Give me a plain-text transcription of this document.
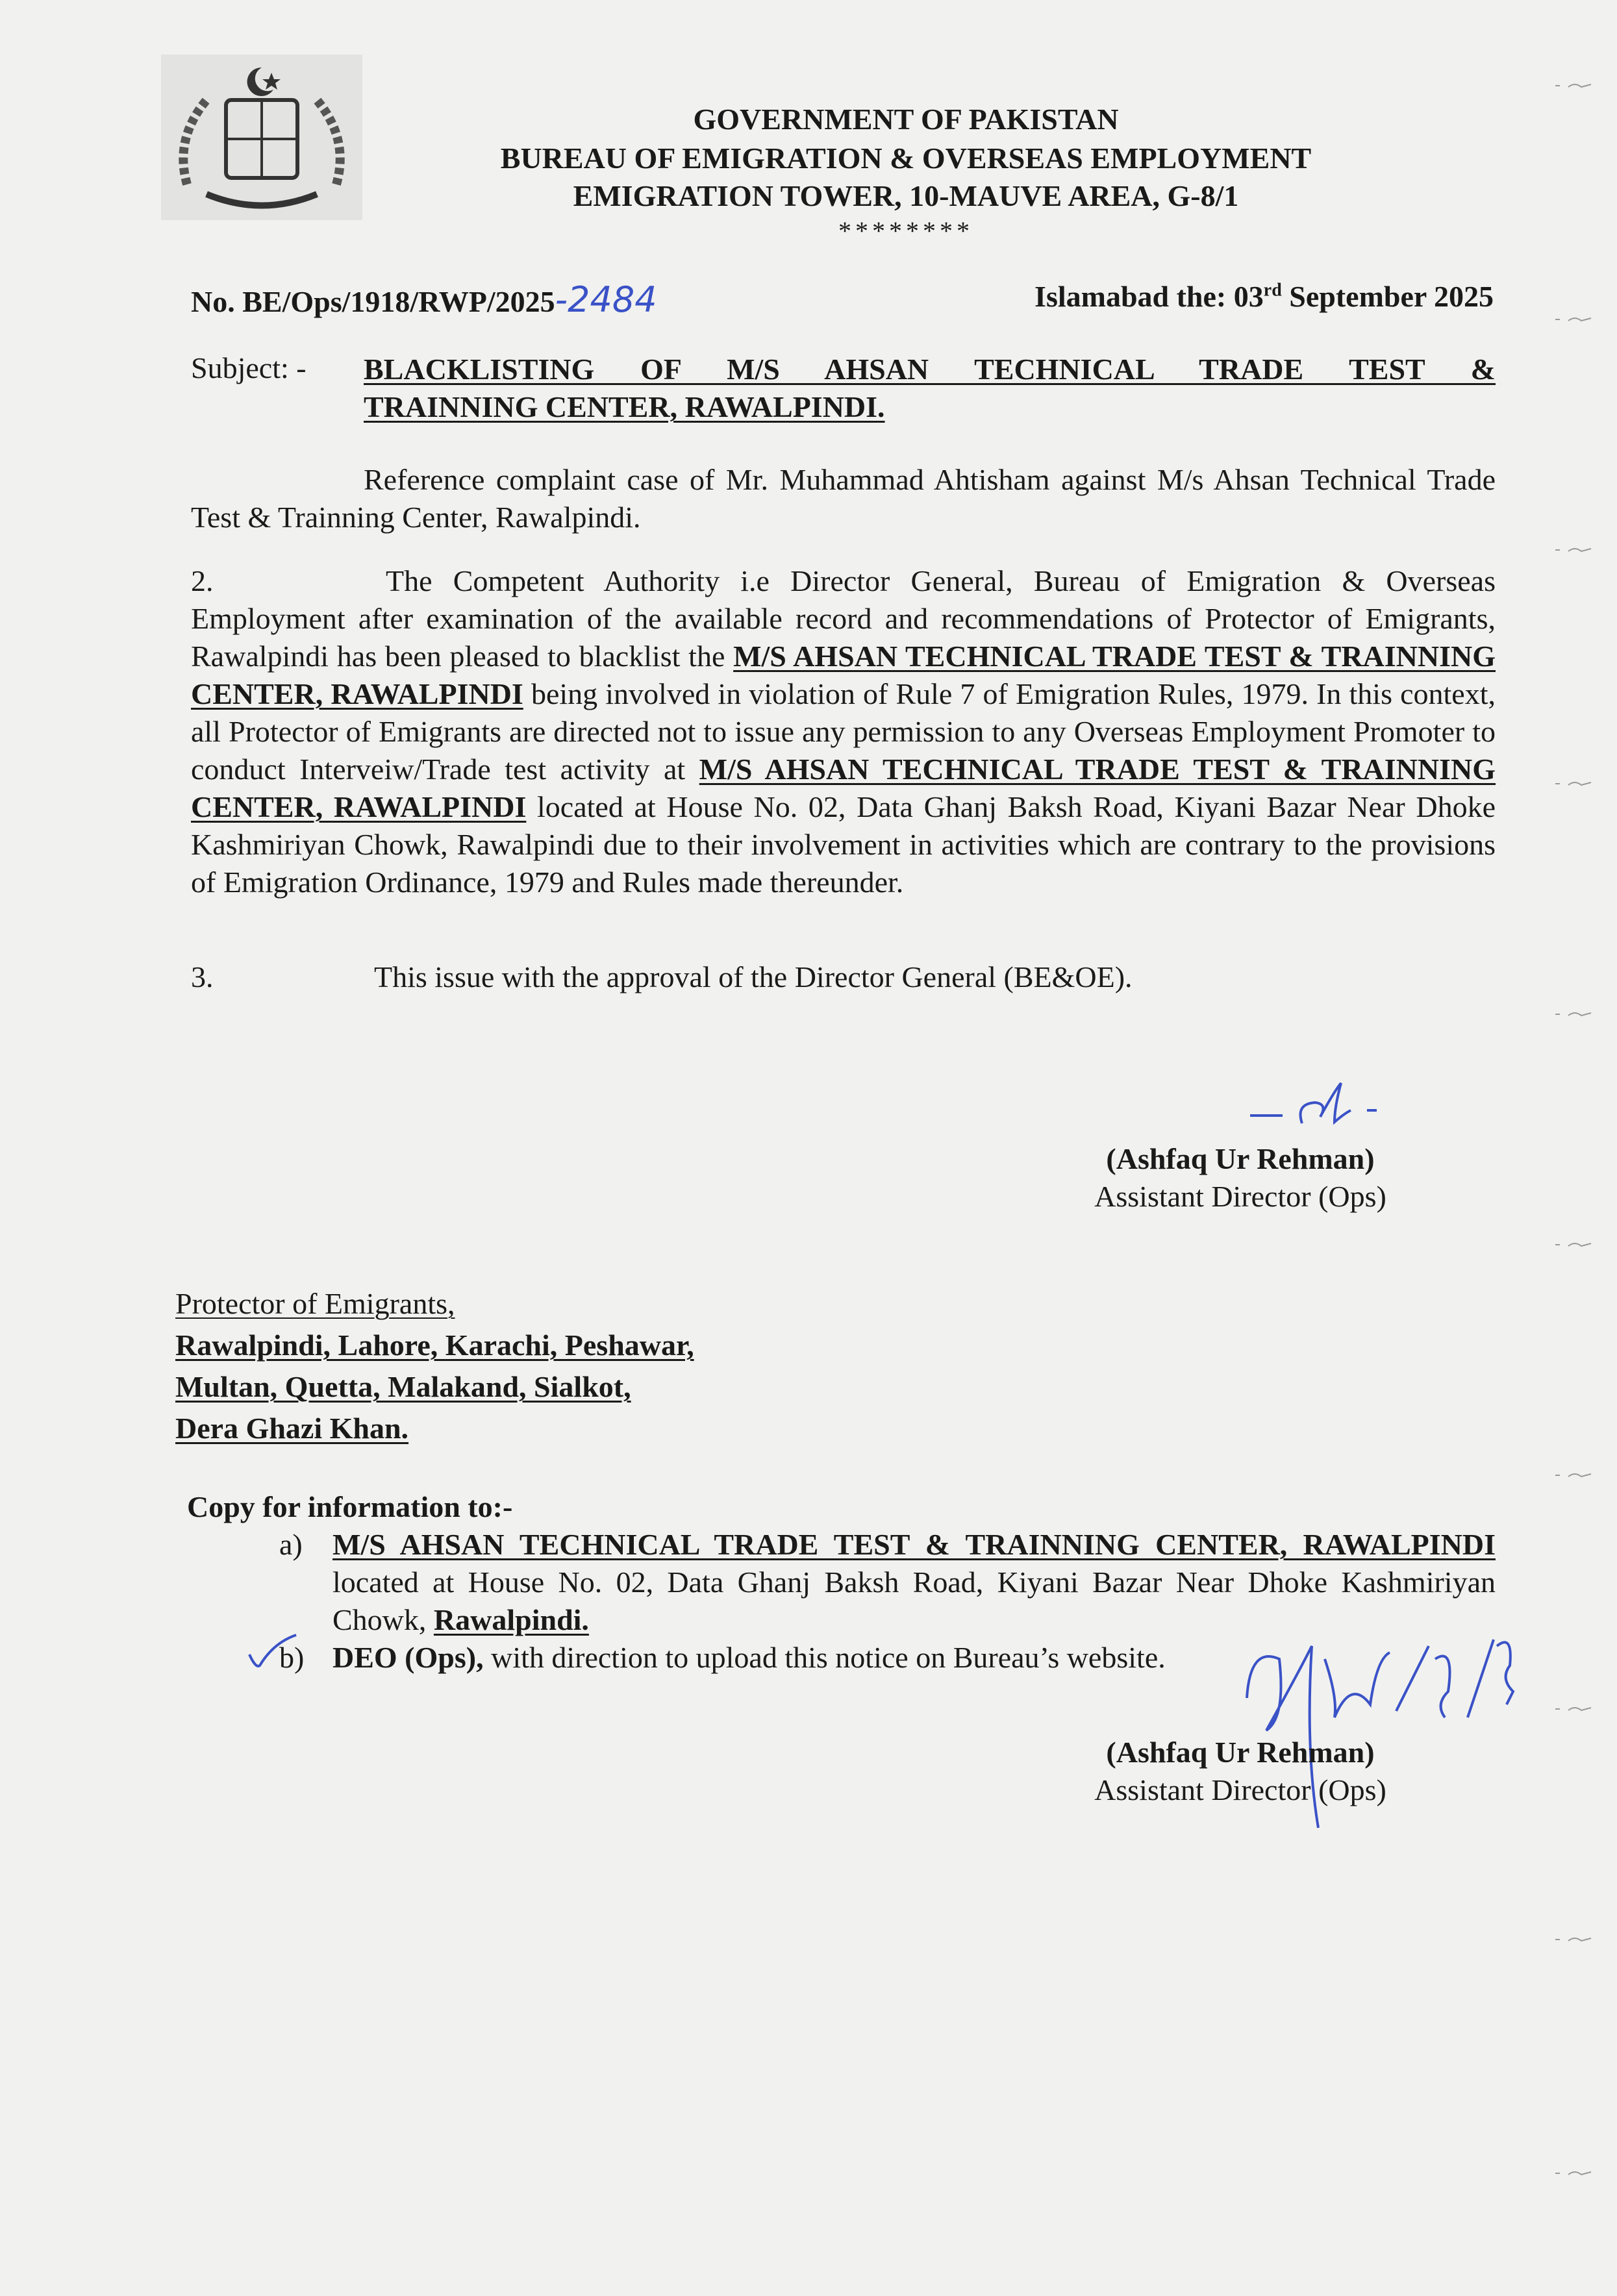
GOVERNMENT OF PAKISTAN
BUREAU OF EMIGRATION & OVERSEAS EMPLOYMENT
EMIGRATION TOWER, 10-MAUVE AREA, G-8/1
********
No. BE/Ops/1918/RWP/2025-2484	Islamabad the: 03rd September 2025
Subject: - BLACKLISTING OF M/S AHSAN TECHNICAL TRADE TEST &
TRAINNING CENTER, RAWALPINDI.
Reference complaint case of Mr. Muhammad Ahtisham against M/s Ahsan Technical Trade Test & Trainning Center, Rawalpindi.
2.	The Competent Authority i.e Director General, Bureau of Emigration & Overseas Employment after examination of the available record and recommendations of Protector of Emigrants, Rawalpindi has been pleased to blacklist the M/S AHSAN TECHNICAL TRADE TEST & TRAINNING CENTER, RAWALPINDI being involved in violation of Rule 7 of Emigration Rules, 1979. In this context, all Protector of Emigrants are directed not to issue any permission to any Overseas Employment Promoter to conduct Interveiw/Trade test activity at M/S AHSAN TECHNICAL TRADE TEST & TRAINNING CENTER, RAWALPINDI located at House No. 02, Data Ghanj Baksh Road, Kiyani Bazar Near Dhoke Kashmiriyan Chowk, Rawalpindi due to their involvement in activities which are contrary to the provisions of Emigration Ordinance, 1979 and Rules made thereunder.
3.	This issue with the approval of the Director General (BE&OE).
(Ashfaq Ur Rehman)
Assistant Director (Ops)
Protector of Emigrants,
Rawalpindi, Lahore, Karachi, Peshawar,
Multan, Quetta, Malakand, Sialkot,
Dera Ghazi Khan.
Copy for information to:-
a)	M/S AHSAN TECHNICAL TRADE TEST & TRAINNING CENTER, RAWALPINDI located at House No. 02, Data Ghanj Baksh Road, Kiyani Bazar Near Dhoke Kashmiriyan Chowk, Rawalpindi.
b) DEO (Ops), with direction to upload this notice on Bureau’s website.
(Ashfaq Ur Rehman)
Assistant Director (Ops)
